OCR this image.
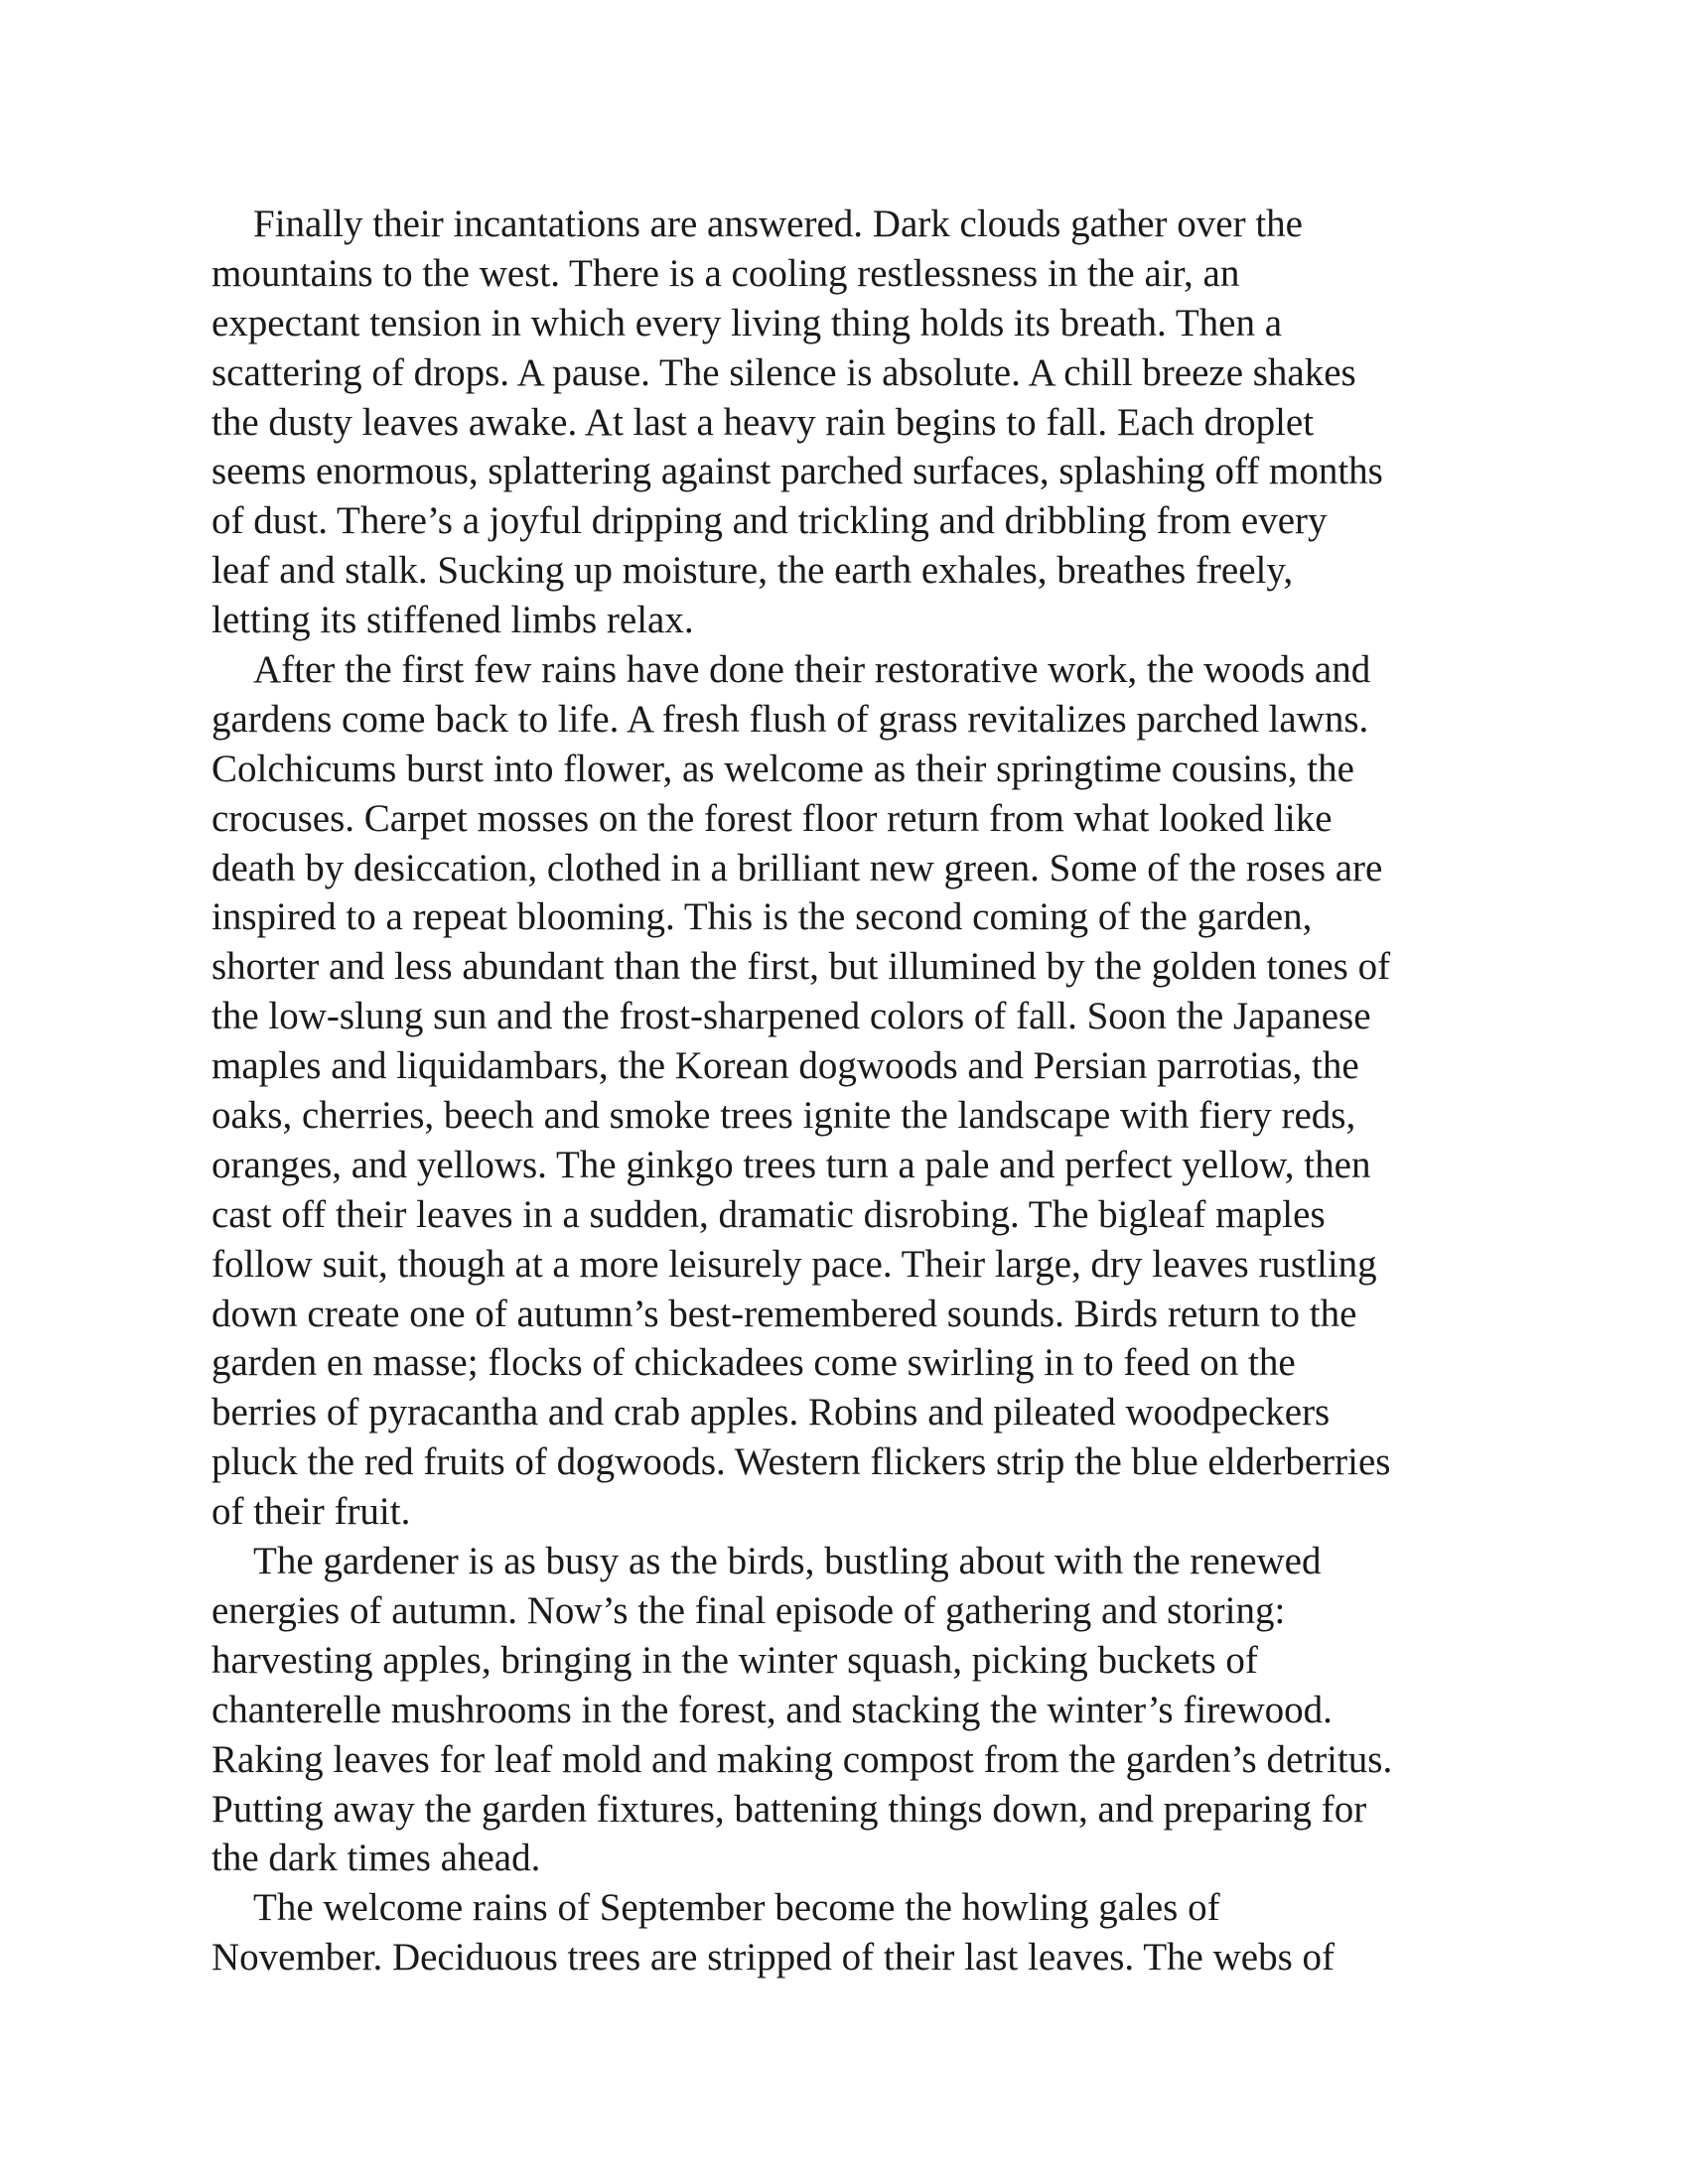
Finally their incantations are answered. Dark clouds gather over the
mountains to the west. There is a cooling restlessness in the air, an
expectant tension in which every living thing holds its breath. Then a
scattering of drops. A pause. The silence is absolute. A chill breeze shakes
the dusty leaves awake. At last a heavy rain begins to fall. Each droplet
seems enormous, splattering against parched surfaces, splashing off months
of dust. There’s a joyful dripping and trickling and dribbling from every
leaf and stalk. Sucking up moisture, the earth exhales, breathes freely,
letting its stiffened limbs relax.
After the first few rains have done their restorative work, the woods and
gardens come back to life. A fresh flush of grass revitalizes parched lawns.
Colchicums burst into flower, as welcome as their springtime cousins, the
crocuses. Carpet mosses on the forest floor return from what looked like
death by desiccation, clothed in a brilliant new green. Some of the roses are
inspired to a repeat blooming. This is the second coming of the garden,
shorter and less abundant than the first, but illumined by the golden tones of
the low-slung sun and the frost-sharpened colors of fall. Soon the Japanese
maples and liquidambars, the Korean dogwoods and Persian parrotias, the
oaks, cherries, beech and smoke trees ignite the landscape with fiery reds,
oranges, and yellows. The ginkgo trees turn a pale and perfect yellow, then
cast off their leaves in a sudden, dramatic disrobing. The bigleaf maples
follow suit, though at a more leisurely pace. Their large, dry leaves rustling
down create one of autumn’s best-remembered sounds. Birds return to the
garden en masse; flocks of chickadees come swirling in to feed on the
berries of pyracantha and crab apples. Robins and pileated woodpeckers
pluck the red fruits of dogwoods. Western flickers strip the blue elderberries
of their fruit.
The gardener is as busy as the birds, bustling about with the renewed
energies of autumn. Now’s the final episode of gathering and storing:
harvesting apples, bringing in the winter squash, picking buckets of
chanterelle mushrooms in the forest, and stacking the winter’s firewood.
Raking leaves for leaf mold and making compost from the garden’s detritus.
Putting away the garden fixtures, battening things down, and preparing for
the dark times ahead.
The welcome rains of September become the howling gales of
November. Deciduous trees are stripped of their last leaves. The webs of
